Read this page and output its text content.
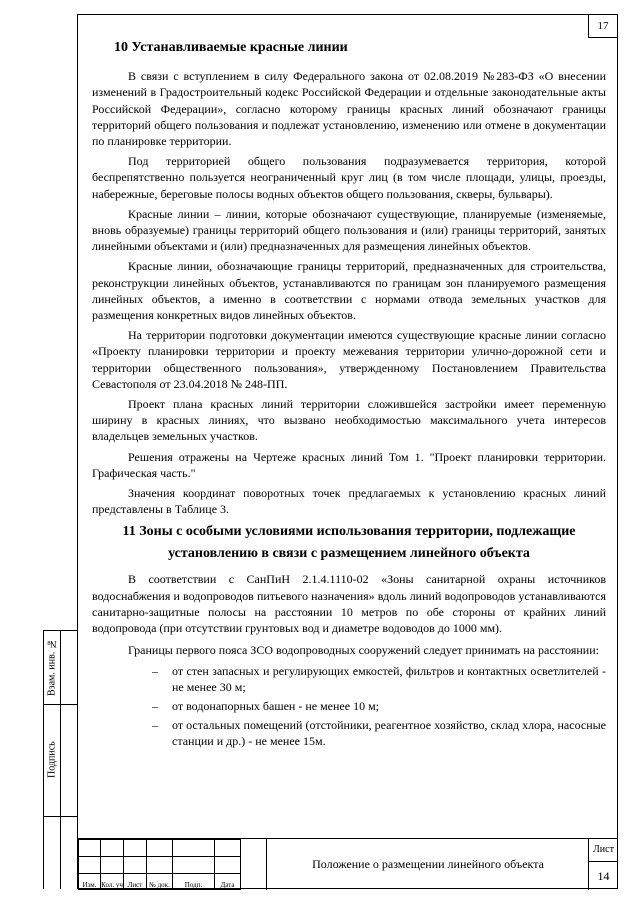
17
Взам. инв. №
Подпись
10 Устанавливаемые красные линии

В связи с вступлением в силу Федерального закона от 02.08.2019 №283-ФЗ «О внесении изменений в Градостроительный кодекс Российской Федерации и отдельные законодательные акты Российской Федерации», согласно которому границы красных линий обозначают границы территорий общего пользования и подлежат установлению, изменению или отмене в документации по планировке территории.

Под территорией общего пользования подразумевается территория, которой беспрепятственно пользуется неограниченный круг лиц (в том числе площади, улицы, проезды, набережные, береговые полосы водных объектов общего пользования, скверы, бульвары).

Красные линии – линии, которые обозначают существующие, планируемые (изменяемые, вновь образуемые) границы территорий общего пользования и (или) границы территорий, занятых линейными объектами и (или) предназначенных для размещения линейных объектов.

Красные линии, обозначающие границы территорий, предназначенных для строительства, реконструкции линейных объектов, устанавливаются по границам зон планируемого размещения линейных объектов, а именно в соответствии с нормами отвода земельных участков для размещения конкретных видов линейных объектов.

На территории подготовки документации имеются существующие красные линии согласно «Проекту планировки территории и проекту межевания территории улично-дорожной сети и территории общественного пользования», утвержденному Постановлением Правительства Севастополя от 23.04.2018 № 248-ПП.

Проект плана красных линий территории сложившейся застройки имеет переменную ширину в красных линиях, что вызвано необходимостью максимального учета интересов владельцев земельных участков.

Решения отражены на Чертеже красных линий Том 1. "Проект планировки территории. Графическая часть."

Значения координат поворотных точек предлагаемых к установлению красных линий представлены в Таблице 3.

11 Зоны с особыми условиями использования территории, подлежащие установлению в связи с размещением линейного объекта

В соответствии с СанПиН 2.1.4.1110-02 «Зоны санитарной охраны источников водоснабжения и водопроводов питьевого назначения» вдоль линий водопроводов устанавливаются санитарно-защитные полосы на расстоянии 10 метров по обе стороны от крайних линий водопровода (при отсутствии грунтовых вод и диаметре водоводов до 1000 мм).

Границы первого пояса ЗСО водопроводных сооружений следует принимать на расстоянии:

– от стен запасных и регулирующих емкостей, фильтров и контактных осветлителей - не менее 30 м;
– от водонапорных башен - не менее 10 м;
– от остальных помещений (отстойники, реагентное хозяйство, склад хлора, насосные станции и др.) - не менее 15м.

Изм.	Кол. уч	Лист	№ док.	Подп.	Дата
Положение о размещении линейного объекта
Лист
14
